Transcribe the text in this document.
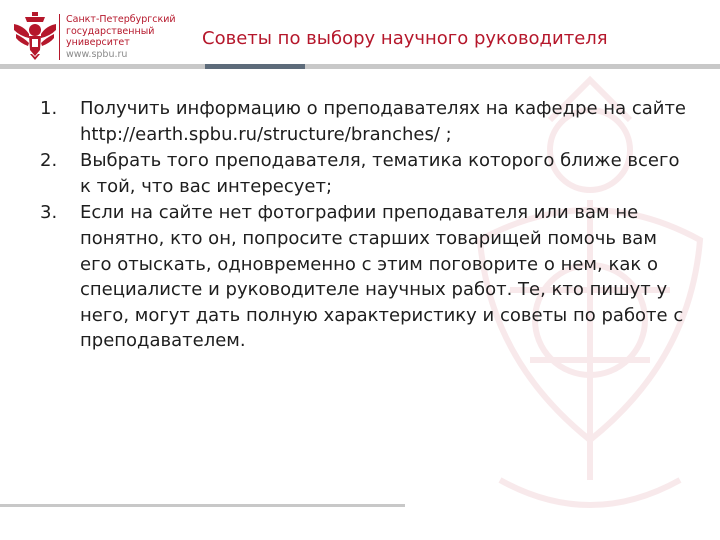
Санкт-Петербургский
государственный
университет
www.spbu.ru
Советы по выбору научного руководителя
1.	Получить информацию о преподавателях на кафедре на сайте http://earth.spbu.ru/structure/branches/ ;
2.	Выбрать того преподавателя, тематика которого ближе всего к той, что вас интересует;
3.	Если на сайте нет фотографии преподавателя или вам не понятно, кто он, попросите старших товарищей помочь вам его отыскать, одновременно с этим поговорите о нем, как о специалисте и руководителе научных работ. Те, кто пишут у него, могут дать полную характеристику и советы по работе с преподавателем.
